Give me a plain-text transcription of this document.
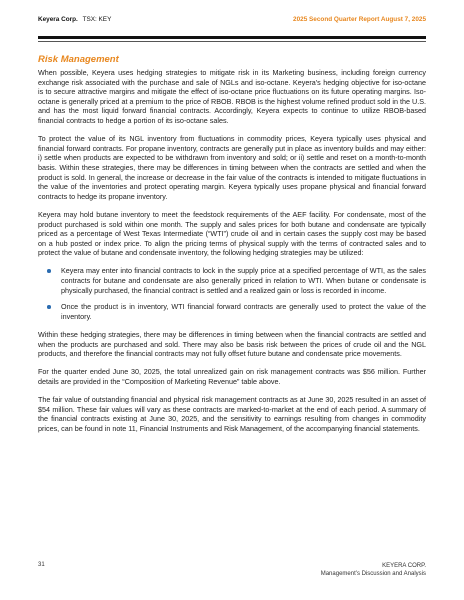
Keyera Corp. TSX: KEY	2025 Second Quarter Report August 7, 2025
Risk Management

When possible, Keyera uses hedging strategies to mitigate risk in its Marketing business, including foreign currency exchange risk associated with the purchase and sale of NGLs and iso-octane. Keyera’s hedging objective for iso-octane is to secure attractive margins and mitigate the effect of iso-octane price fluctuations on its future operating margins. Iso-octane is generally priced at a premium to the price of RBOB. RBOB is the highest volume refined product sold in the U.S. and has the most liquid forward financial contracts. Accordingly, Keyera expects to continue to utilize RBOB-based financial contracts to hedge a portion of its iso-octane sales.

To protect the value of its NGL inventory from fluctuations in commodity prices, Keyera typically uses physical and financial forward contracts. For propane inventory, contracts are generally put in place as inventory builds and may either: i) settle when products are expected to be withdrawn from inventory and sold; or ii) settle and reset on a month-to-month basis. Within these strategies, there may be differences in timing between when the contracts are settled and when the product is sold. In general, the increase or decrease in the fair value of the contracts is intended to mitigate fluctuations in the value of the inventories and protect operating margin. Keyera typically uses propane physical and financial forward contracts to hedge its propane inventory.

Keyera may hold butane inventory to meet the feedstock requirements of the AEF facility. For condensate, most of the product purchased is sold within one month. The supply and sales prices for both butane and condensate are typically priced as a percentage of West Texas Intermediate (“WTI”) crude oil and in certain cases the supply cost may be based on a hub posted or index price. To align the pricing terms of physical supply with the terms of contracted sales and to protect the value of butane and condensate inventory, the following hedging strategies may be utilized:

Keyera may enter into financial contracts to lock in the supply price at a specified percentage of WTI, as the sales contracts for butane and condensate are also generally priced in relation to WTI. When butane or condensate is physically purchased, the financial contract is settled and a realized gain or loss is recorded in income.
Once the product is in inventory, WTI financial forward contracts are generally used to protect the value of the inventory.

Within these hedging strategies, there may be differences in timing between when the financial contracts are settled and when the products are purchased and sold. There may also be basis risk between the prices of crude oil and the NGL products, and therefore the financial contracts may not fully offset future butane and condensate price movements.

For the quarter ended June 30, 2025, the total unrealized gain on risk management contracts was $56 million. Further details are provided in the “Composition of Marketing Revenue” table above.

The fair value of outstanding financial and physical risk management contracts as at June 30, 2025 resulted in an asset of $54 million. These fair values will vary as these contracts are marked-to-market at the end of each period. A summary of the financial contracts existing at June 30, 2025, and the sensitivity to earnings resulting from changes in commodity prices, can be found in note 11, Financial Instruments and Risk Management, of the accompanying financial statements.

31	KEYERA CORP.
Management’s Discussion and Analysis
